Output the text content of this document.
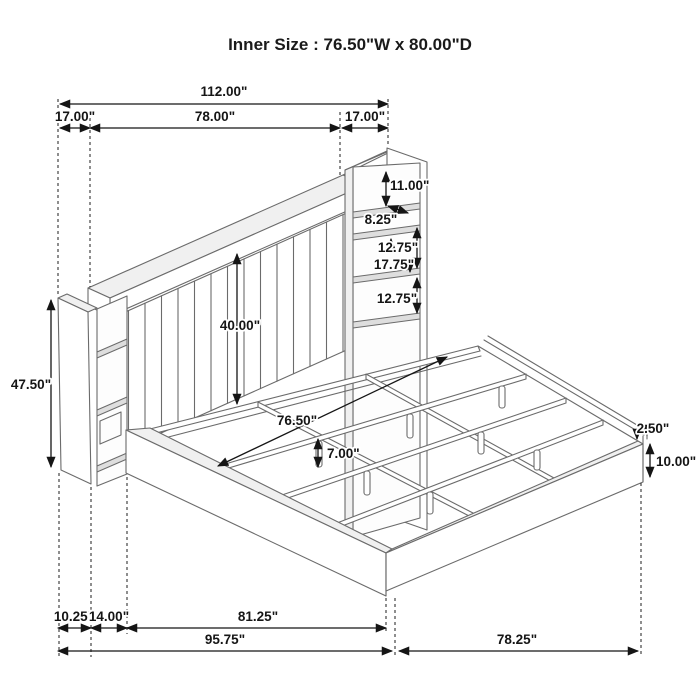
Inner Size : 76.50"W x 80.00"D
112.00"
17.00"	78.00"	17.00"
11.00"
8.25"
12.75"
17.75"
12.75"
40.00"
47.50"
76.50"
7.00"
2.50"
10.00"
10.25"
14.00"	81.25"
95.75"	78.25"
